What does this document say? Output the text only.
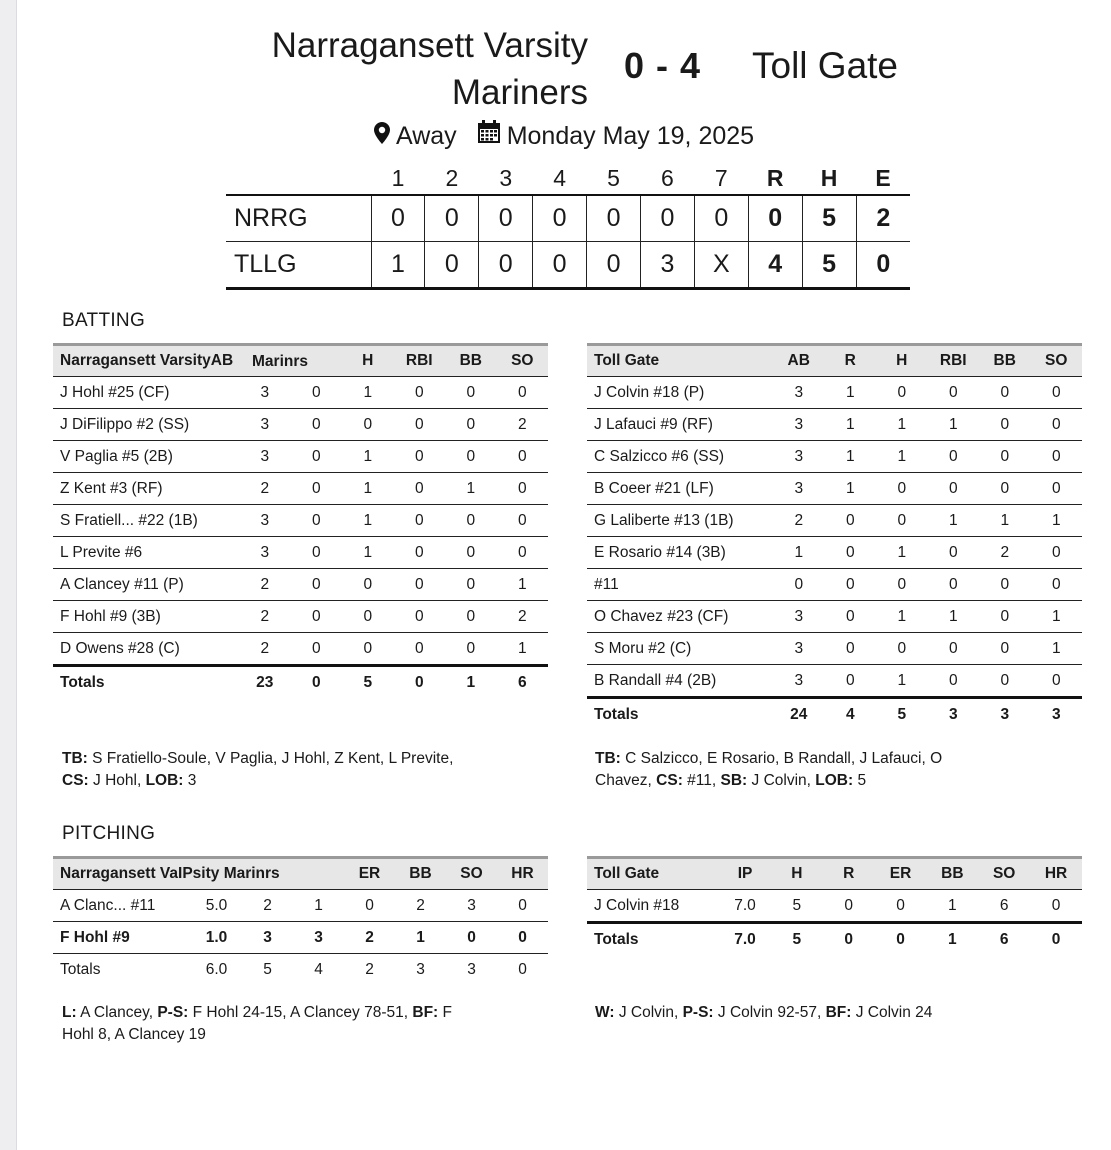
Narragansett Varsity
Mariners
0 - 4 Toll Gate
Away Monday May 19, 2025
	1	2	3	4	5	6	7	R	H	E
NRRG	0	0	0	0	0	0	0	0	5	2
TLLG	1	0	0	0	0	3	X	4	5	0
BATTING
Narragansett VarsityAB Marinrs			H	RBI	BB	SO
J Hohl #25 (CF)	3	0	1	0	0	0
J DiFilippo #2 (SS)	3	0	0	0	0	2
V Paglia #5 (2B)	3	0	1	0	0	0
Z Kent #3 (RF)	2	0	1	0	1	0
S Fratiell... #22 (1B)	3	0	1	0	0	0
L Previte #6	3	0	1	0	0	0
A Clancey #11 (P)	2	0	0	0	0	1
F Hohl #9 (3B)	2	0	0	0	0	2
D Owens #28 (C)	2	0	0	0	0	1
Totals	23	0	5	0	1	6
Toll Gate	AB	R	H	RBI	BB	SO
J Colvin #18 (P)	3	1	0	0	0	0
J Lafauci #9 (RF)	3	1	1	1	0	0
C Salzicco #6 (SS)	3	1	1	0	0	0
B Coeer #21 (LF)	3	1	0	0	0	0
G Laliberte #13 (1B)	2	0	0	1	1	1
E Rosario #14 (3B)	1	0	1	0	2	0
#11	0	0	0	0	0	0
O Chavez #23 (CF)	3	0	1	1	0	1
S Moru #2 (C)	3	0	0	0	0	1
B Randall #4 (2B)	3	0	1	0	0	0
Totals	24	4	5	3	3	3
TB: S Fratiello-Soule, V Paglia, J Hohl, Z Kent, L Previte,
CS: J Hohl, LOB: 3
TB: C Salzicco, E Rosario, B Randall, J Lafauci, O
Chavez, CS: #11, SB: J Colvin, LOB: 5
PITCHING
Narragansett VaIPsity Marinrs				ER	BB	SO	HR
A Clanc... #11	5.0	2	1	0	2	3	0
F Hohl #9	1.0	3	3	2	1	0	0
Totals	6.0	5	4	2	3	3	0
Toll Gate	IP	H	R	ER	BB	SO	HR
J Colvin #18	7.0	5	0	0	1	6	0
Totals	7.0	5	0	0	1	6	0
L: A Clancey, P-S: F Hohl 24-15, A Clancey 78-51, BF: F
Hohl 8, A Clancey 19
W: J Colvin, P-S: J Colvin 92-57, BF: J Colvin 24
